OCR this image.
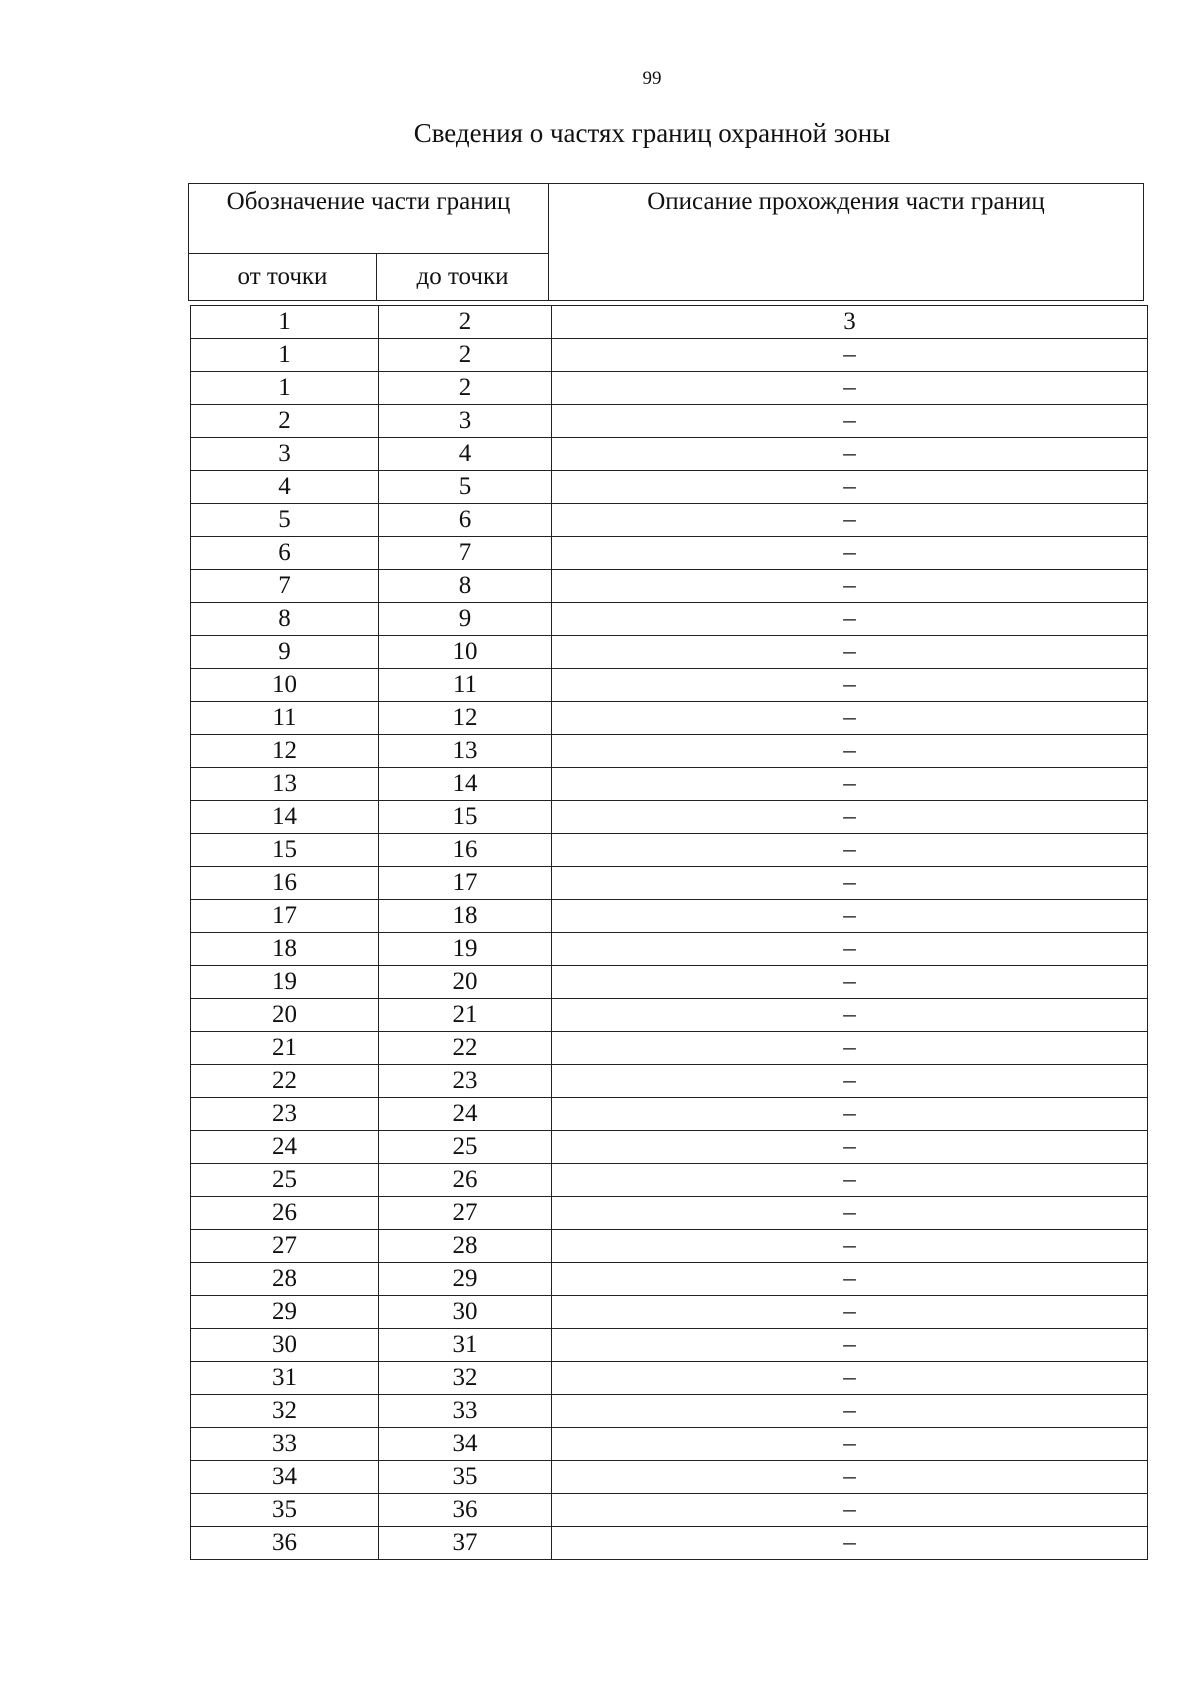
99
Сведения о частях границ охранной зоны
Обозначение части границ		Описание прохождения части границ
от точки	до точки	
1	2	3
1	2	–
1	2	–
2	3	–
3	4	–
4	5	–
5	6	–
6	7	–
7	8	–
8	9	–
9	10	–
10	11	–
11	12	–
12	13	–
13	14	–
14	15	–
15	16	–
16	17	–
17	18	–
18	19	–
19	20	–
20	21	–
21	22	–
22	23	–
23	24	–
24	25	–
25	26	–
26	27	–
27	28	–
28	29	–
29	30	–
30	31	–
31	32	–
32	33	–
33	34	–
34	35	–
35	36	–
36	37	–
